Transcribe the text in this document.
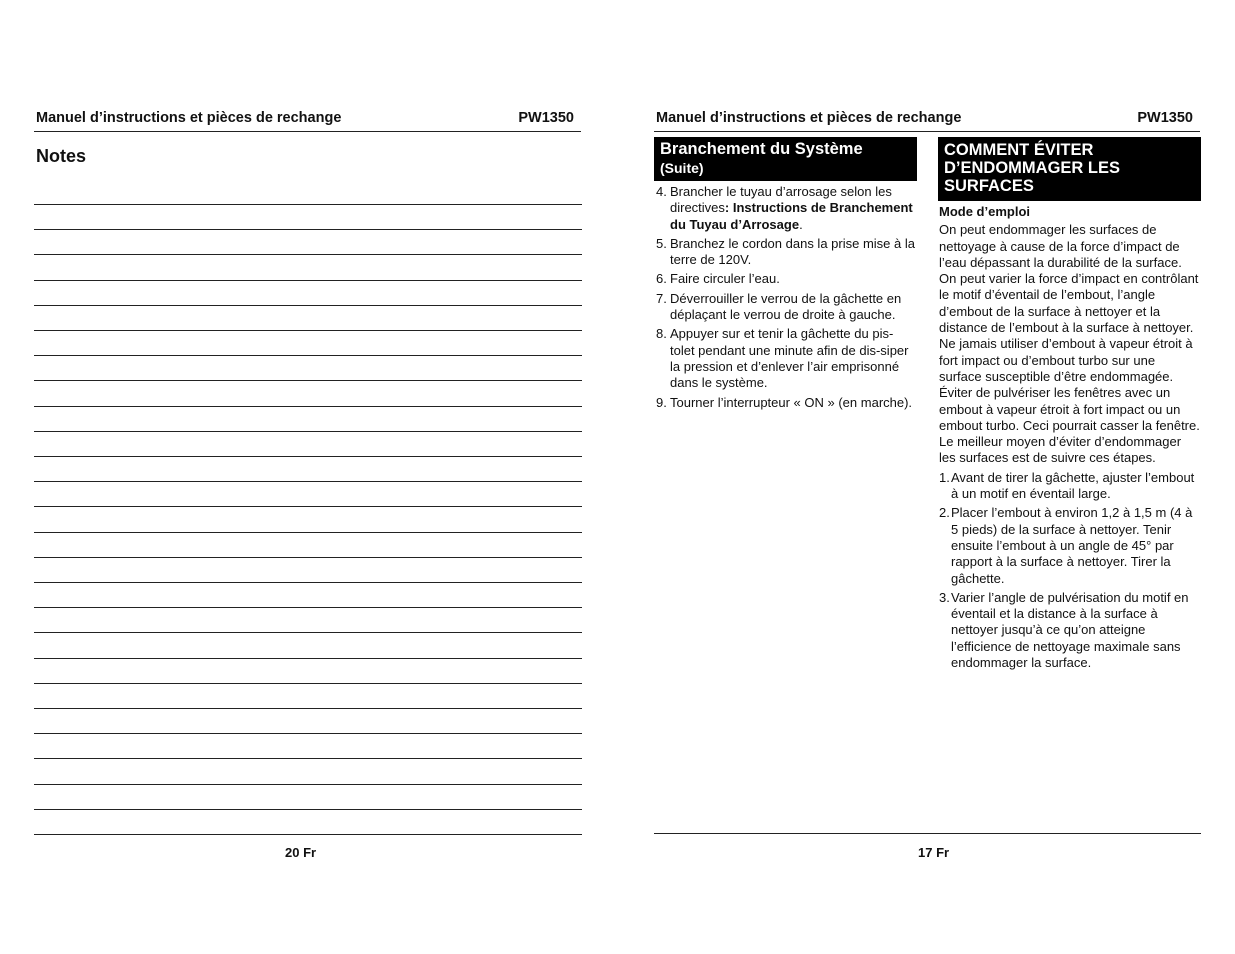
Manuel d’instructions et pièces de rechange	PW1350
Notes
20 Fr
Manuel d’instructions et pièces de rechange	PW1350
Branchement du Système
(Suite)
4. Brancher le tuyau d’arrosage selon les directives: Instructions de Branchement du Tuyau d’Arrosage.
5. Branchez le cordon dans la prise mise à la terre de 120V.
6. Faire circuler l’eau.
7. Déverrouiller le verrou de la gâchette en déplaçant le verrou de droite à gauche.
8. Appuyer sur et tenir la gâchette du pis-tolet pendant une minute afin de dis-siper la pression et d’enlever l’air emprisonné dans le système.
9. Tourner l’interrupteur « ON » (en marche).
COMMENT ÉVITER D’ENDOMMAGER LES SURFACES
Mode d’emploi
On peut endommager les surfaces de nettoyage à cause de la force d’impact de l’eau dépassant la durabilité de la surface. On peut varier la force d’impact en contrôlant le motif d’éventail de l’embout, l’angle d’embout de la surface à nettoyer et la distance de l’embout à la surface à nettoyer. Ne jamais utiliser d’embout à vapeur étroit à fort impact ou d’embout turbo sur une surface susceptible d’être endommagée. Éviter de pulvériser les fenêtres avec un embout à vapeur étroit à fort impact ou un embout turbo. Ceci pourrait casser la fenêtre. Le meilleur moyen d’éviter d’endommager les surfaces est de suivre ces étapes.
1. Avant de tirer la gâchette, ajuster l’embout à un motif en éventail large.
2. Placer l’embout à environ 1,2 à 1,5 m (4 à 5 pieds) de la surface à nettoyer. Tenir ensuite l’embout à un angle de 45° par rapport à la surface à nettoyer. Tirer la gâchette.
3. Varier l’angle de pulvérisation du motif en éventail et la distance à la surface à nettoyer jusqu’à ce qu’on atteigne l’efficience de nettoyage maximale sans endommager la surface.
17 Fr
